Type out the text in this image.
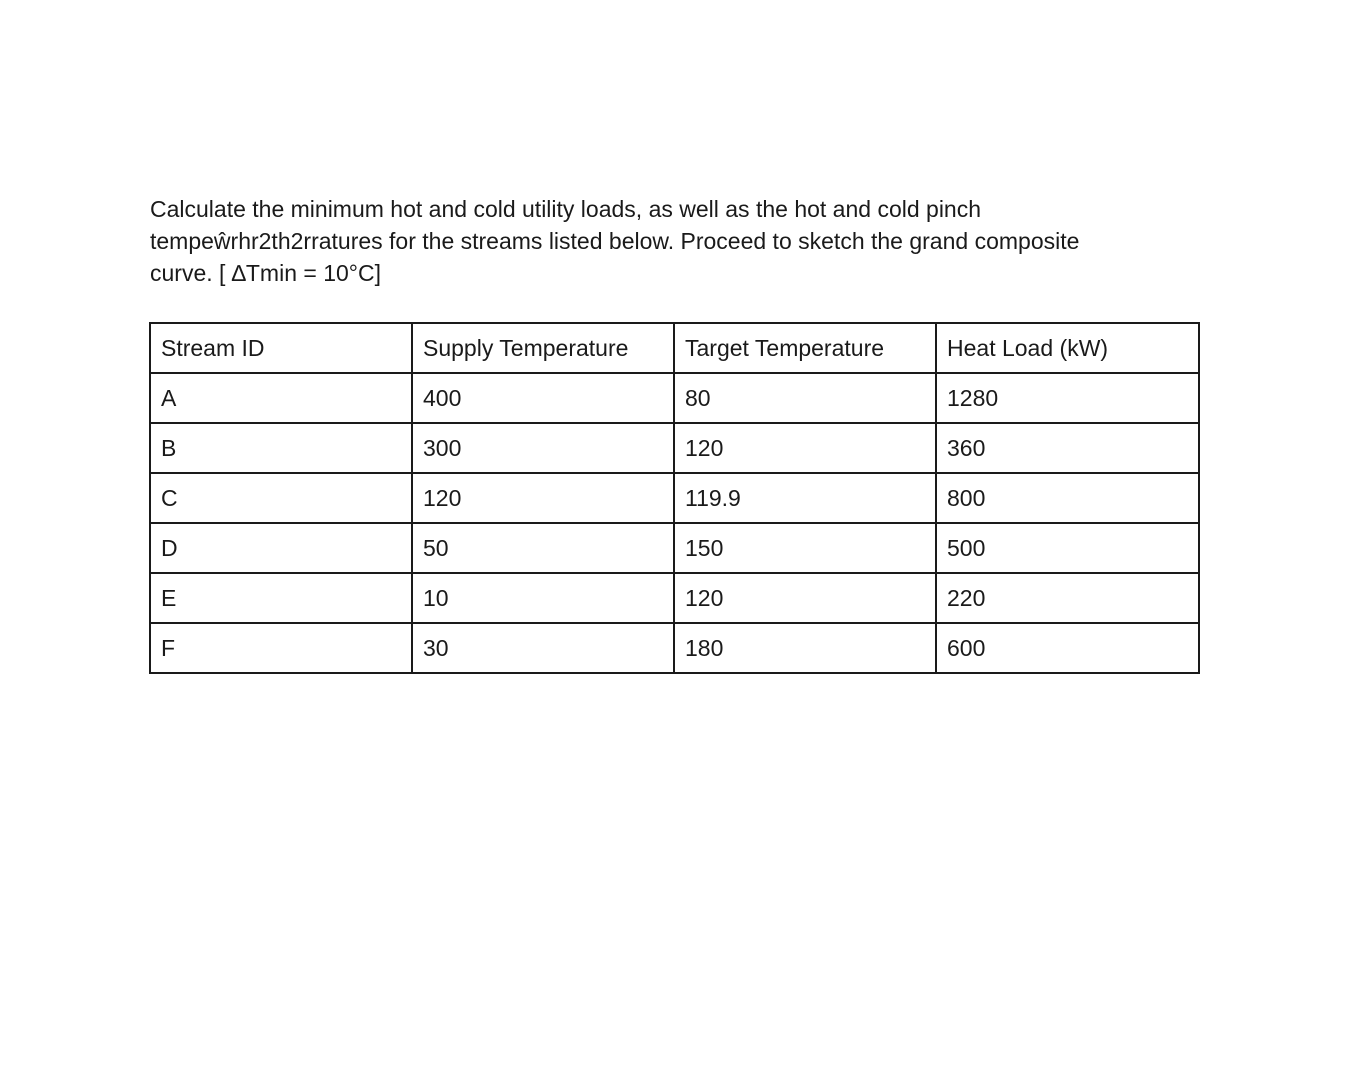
Calculate the minimum hot and cold utility loads, as well as the hot and cold pinch
tempeŵrhr2th2rratures for the streams listed below. Proceed to sketch the grand composite
curve. [ ∆Tmin = 10°C]

Stream ID	Supply Temperature	Target Temperature	Heat Load (kW)
A	400	80	1280
B	300	120	360
C	120	119.9	800
D	50	150	500
E	10	120	220
F	30	180	600
